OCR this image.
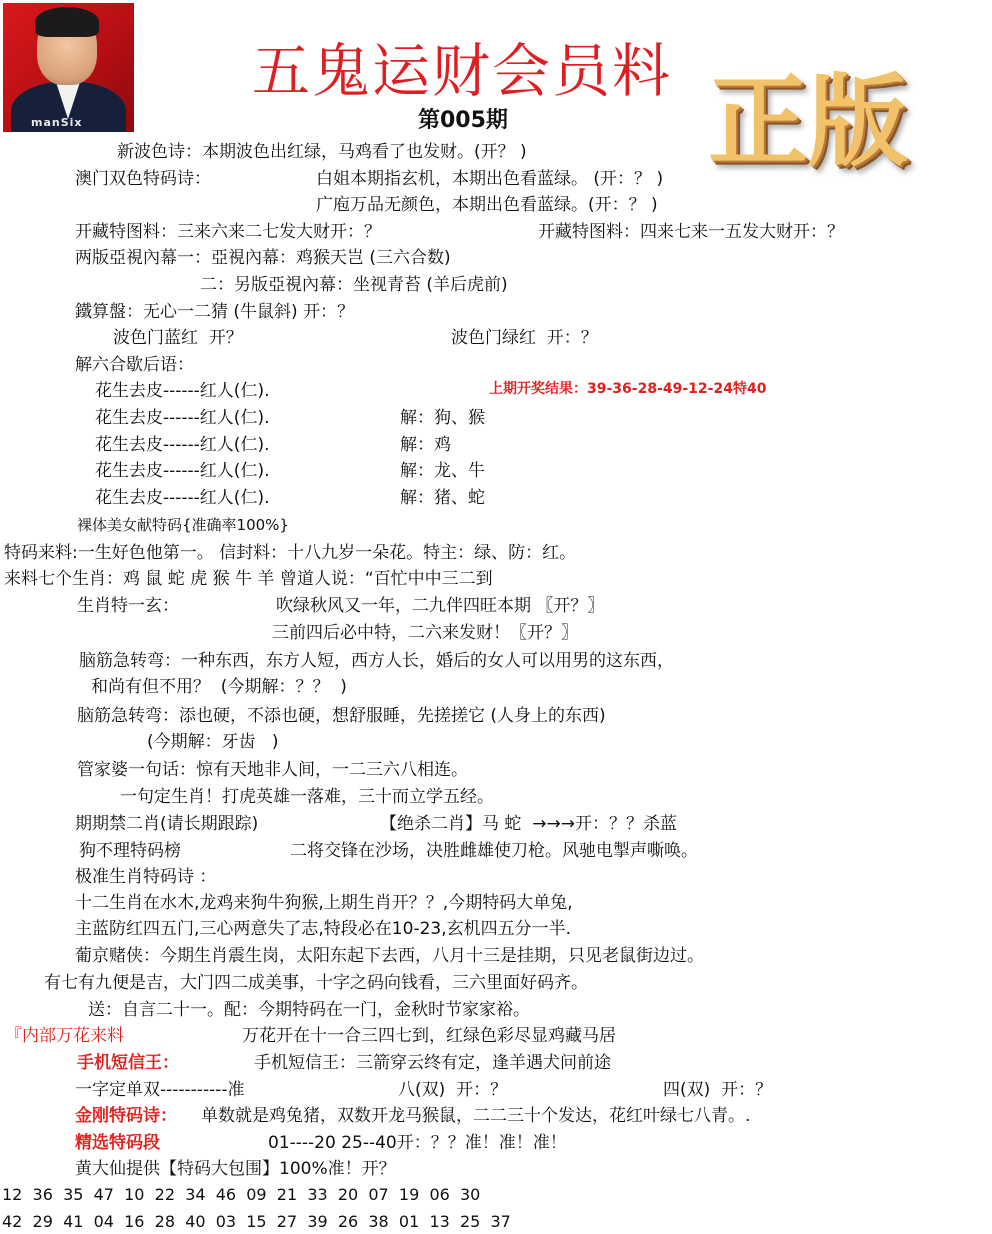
manSix
五鬼运财会员料
第005期 正版
新波色诗：本期波色出红绿，马鸡看了也发财。(开？ )
澳门双色特码诗：	白姐本期指玄机，本期出色看蓝绿。 (开：？ )
广庖万品无颜色，本期出色看蓝绿。(开：？ )
开藏特图料：三来六来二七发大财开：？	开藏特图料：四来七来一五发大财开：？
两版亞視內幕一：亞視內幕：鸡猴天岂 (三六合数)
二：另版亞視內幕：坐视青苔 (羊后虎前)
鐵算盤：无心一二猜 (牛鼠斜) 开：？
波色门蓝红  开？	波色门绿红  开：？
解六合歇后语：
花生去皮------红人(仁).	上期开奖结果：39-36-28-49-12-24特40
花生去皮------红人(仁).	解：狗、猴
花生去皮------红人(仁).	解：鸡
花生去皮------红人(仁).	解：龙、牛
花生去皮------红人(仁).	解：猪、蛇
裸体美女献特码{准确率100%}
特码来料:一生好色他第一。 信封料：十八九岁一朵花。特主：绿、防：红。
来料七个生肖：鸡 鼠 蛇 虎 猴 牛 羊 曾道人说：“百忙中中三二到
生肖特一玄：	吹绿秋风又一年，二九伴四旺本期 〖开？〗
三前四后必中特，二六来发财！〖开？〗
脑筋急转弯：一种东西，东方人短，西方人长，婚后的女人可以用男的这东西，
和尚有但不用？  (今期解：？？  )
脑筋急转弯：添也硬，不添也硬，想舒服睡，先搓搓它 (人身上的东西)
(今期解：牙齿   )
管家婆一句话：惊有天地非人间，一二三六八相连。
一句定生肖！打虎英雄一落难，三十而立学五经。
期期禁二肖(请长期跟踪)	【绝杀二肖】马 蛇  →→→开：？？杀蓝
狗不理特码榜	二将交锋在沙场，决胜雌雄使刀枪。风驰电掣声嘶唤。
极准生肖特码诗 ：
十二生肖在水木,龙鸡来狗牛狗猴,上期生肖开？？,今期特码大单兔,
主蓝防红四五门,三心两意失了志,特段必在10-23,玄机四五分一半.
葡京赌侠：今期生肖震生岗，太阳东起下去西，八月十三是挂期，只见老鼠街边过。
有七有九便是吉，大门四二成美事，十字之码向钱看，三六里面好码齐。
送：自言二十一。配：今期特码在一门，金秋时节家家裕。
『内部万花来料	万花开在十一合三四七到，红绿色彩尽显鸡藏马居
手机短信王：	手机短信王：三箭穿云终有定，逢羊遇犬问前途
一字定单双-----------准	八(双)  开：？	四(双)  开：？
金刚特码诗： 单数就是鸡兔猪，双数开龙马猴鼠，二二三十个发达，花红叶绿七八青。.
精选特码段	01----20 25--40开：？？准！准！准！
黄大仙提供【特码大包围】100%准！开？
12  36  35  47  10  22  34  46  09  21  33  20  07  19  06  30
42  29  41  04  16  28  40  03  15  27  39  26  38  01  13  25  37
